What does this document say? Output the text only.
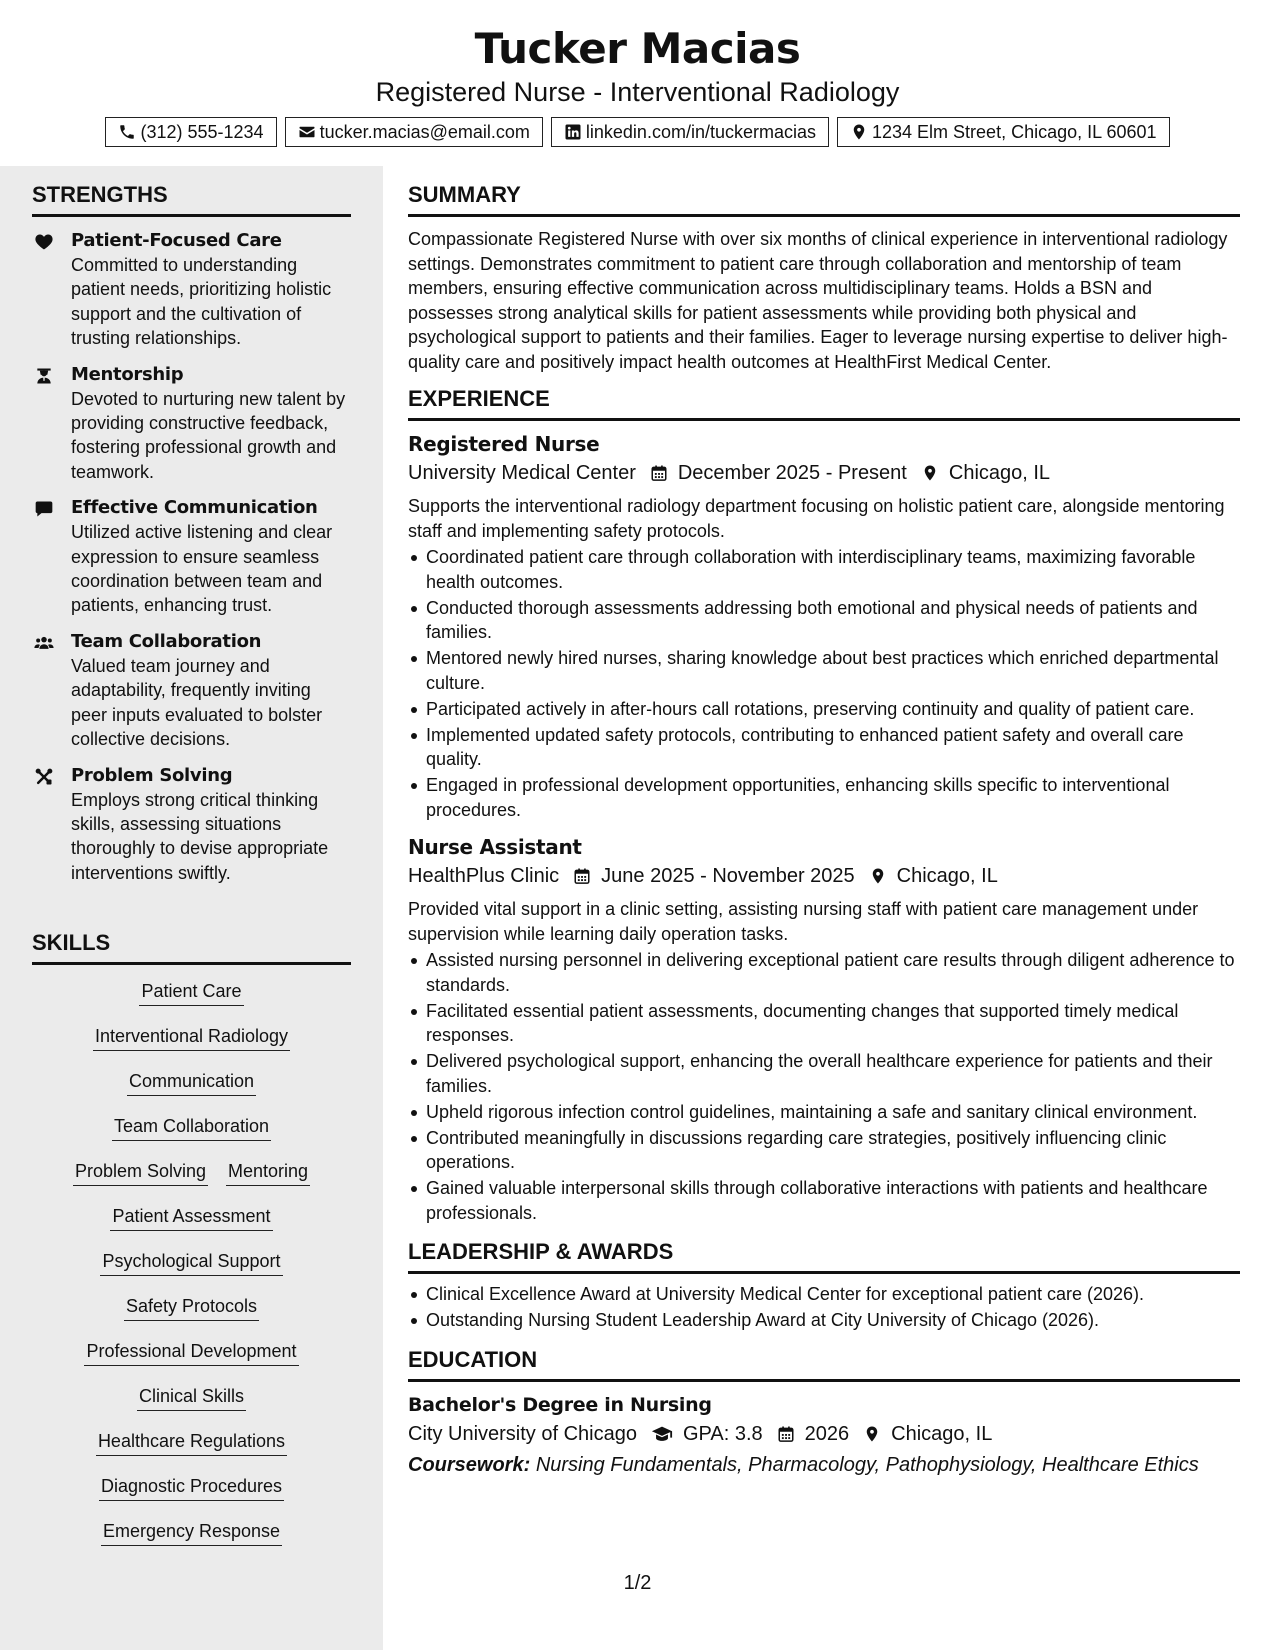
Tucker Macias
Registered Nurse - Interventional Radiology
(312) 555-1234	tucker.macias@email.com	linkedin.com/in/tuckermacias	1234 Elm Street, Chicago, IL 60601
STRENGTHS
Patient-Focused Care
Committed to understanding patient needs, prioritizing holistic support and the cultivation of trusting relationships.
Mentorship
Devoted to nurturing new talent by providing constructive feedback, fostering professional growth and teamwork.
Effective Communication
Utilized active listening and clear expression to ensure seamless coordination between team and patients, enhancing trust.
Team Collaboration
Valued team journey and adaptability, frequently inviting peer inputs evaluated to bolster collective decisions.
Problem Solving
Employs strong critical thinking skills, assessing situations thoroughly to devise appropriate interventions swiftly.
SKILLS
Patient Care
Interventional Radiology
Communication
Team Collaboration
Problem Solving Mentoring
Patient Assessment
Psychological Support
Safety Protocols
Professional Development
Clinical Skills
Healthcare Regulations
Diagnostic Procedures
Emergency Response
SUMMARY
Compassionate Registered Nurse with over six months of clinical experience in interventional radiology settings. Demonstrates commitment to patient care through collaboration and mentorship of team members, ensuring effective communication across multidisciplinary teams. Holds a BSN and possesses strong analytical skills for patient assessments while providing both physical and psychological support to patients and their families. Eager to leverage nursing expertise to deliver high-quality care and positively impact health outcomes at HealthFirst Medical Center.
EXPERIENCE
Registered Nurse
University Medical Center December 2025 - Present Chicago, IL
Supports the interventional radiology department focusing on holistic patient care, alongside mentoring staff and implementing safety protocols.
Coordinated patient care through collaboration with interdisciplinary teams, maximizing favorable health outcomes.
Conducted thorough assessments addressing both emotional and physical needs of patients and families.
Mentored newly hired nurses, sharing knowledge about best practices which enriched departmental culture.
Participated actively in after-hours call rotations, preserving continuity and quality of patient care.
Implemented updated safety protocols, contributing to enhanced patient safety and overall care quality.
Engaged in professional development opportunities, enhancing skills specific to interventional procedures.
Nurse Assistant
HealthPlus Clinic June 2025 - November 2025 Chicago, IL
Provided vital support in a clinic setting, assisting nursing staff with patient care management under supervision while learning daily operation tasks.
Assisted nursing personnel in delivering exceptional patient care results through diligent adherence to standards.
Facilitated essential patient assessments, documenting changes that supported timely medical responses.
Delivered psychological support, enhancing the overall healthcare experience for patients and their families.
Upheld rigorous infection control guidelines, maintaining a safe and sanitary clinical environment.
Contributed meaningfully in discussions regarding care strategies, positively influencing clinic operations.
Gained valuable interpersonal skills through collaborative interactions with patients and healthcare professionals.
LEADERSHIP & AWARDS
Clinical Excellence Award at University Medical Center for exceptional patient care (2026).
Outstanding Nursing Student Leadership Award at City University of Chicago (2026).
EDUCATION
Bachelor's Degree in Nursing
City University of Chicago GPA: 3.8 2026 Chicago, IL
Coursework: Nursing Fundamentals, Pharmacology, Pathophysiology, Healthcare Ethics
1/2
